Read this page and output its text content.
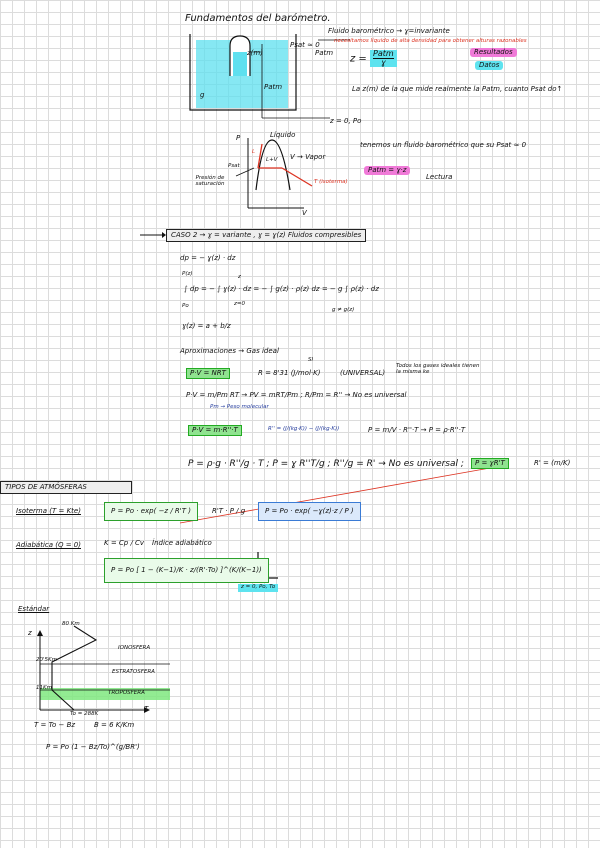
Fundamentos del barómetro.
Fluido barométrico → ɣ=invariante
necesitamos líquido de alta densidad para obtener alturas razonables
Psat ≈ 0
Patm
z(m)
Patm
g
z = 0, Po
z = Patm
ɣ
Resultados
Datos
La z(m) de la que mide realmente la Patm, cuanto Psat do↑
P
V
Líquido
L+V
L
V → Vapor
Psat
Presión de saturación	T (isoterma)
tenemos un fluido barométrico que su Psat ≈ 0
Patm = ɣ·z
Lectura
CASO 2 → ɣ = variante , ɣ = ɣ(z) Fluidos compresibles
dp = − ɣ(z) · dz
P(z)
Po
∫ dp = − ∫ ɣ(z) · dz = − ∫ g(z) · ρ(z) dz = − g ∫ ρ(z) · dz
z
z=0
g ≠ g(z)
ɣ(z) = a + b/z
Aproximaciones → Gas ideal
P·V = NRT	R = 8'31 (J/mol·K)
SI
(UNIVERSAL)
Todos los gases ideales tienen la misma ke
P·V = m/Pm RT → PV = mRT/Pm ; R/Pm = R'' → No es universal
Pm → Peso molecular
P·V = m·R''·T	R'' = (J/(kg·K)) − (J/(kg·K))	P = m/V · R''·T → P = ρ·R''·T
P = ρ·g · R''/g · T ; P = ɣ R''T/g ; R''/g = R' → No es universal ;	P = ɣR'T	R' = (m/K)
TIPOS DE ATMÓSFERAS
Isoterma (T = Kte)	P = Po · exp( −z / R'T )	R'T · P / g	P = Po · exp( −ɣ(z)·z / P )
Adiabática (Q = 0)	K = Cp / Cv Índice adiabático
P = Po [ 1 − (K−1)/K · z/(R'·To) ]^(K/(K−1))
z = 0, Po, To
Estándar
z
T
80 Km
20'5Km
11Km
IONOSFERA
ESTRATOSFERA
TROPOSFERA
To = 288K
T = To − Bz	B = 6 K/Km
P = Po (1 − Bz/To)^(g/BR')
